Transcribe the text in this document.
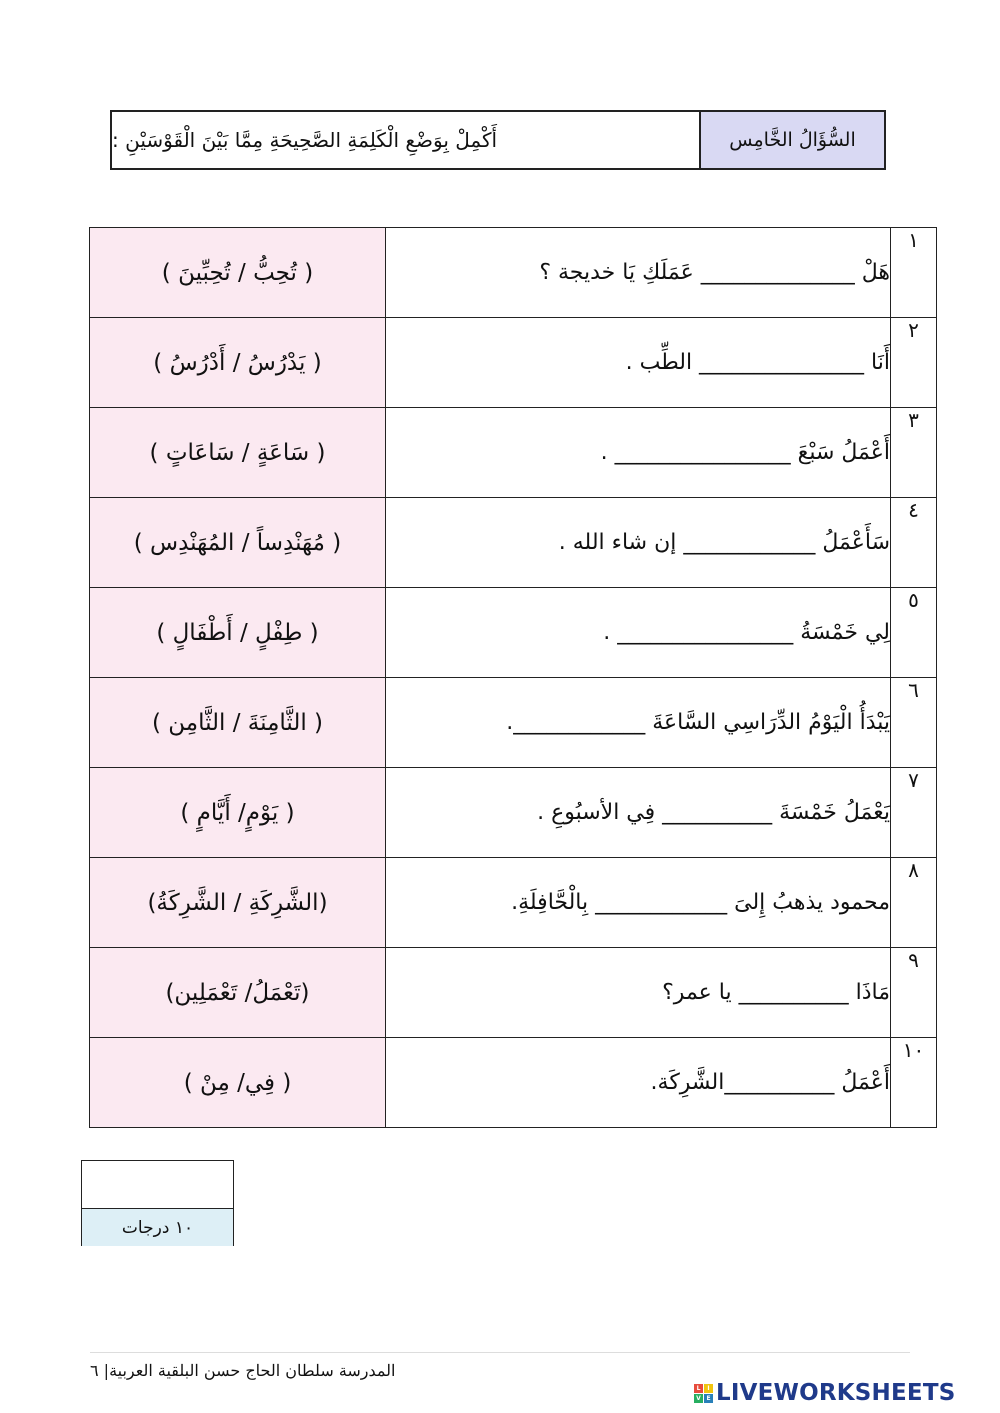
أَكْمِلْ بِوَضْعِ الْكَلِمَةِ الصَّحِيحَةِ مِمَّا بَيْنَ الْقَوْسَيْنِ :	السُّؤَالُ الخَّامِس
( تُحِبُّ / تُحِبِّينَ )	هَلْ ______________ عَمَلَكِ يَا خديجة ؟	١
( يَدْرُسُ / أَدْرُسُ )	أَنَا _______________ الطِّب .	٢
( سَاعَةٍ / سَاعَاتٍ )	أَعْمَلُ سَبْعَ ________________ .	٣
( مُهَنْدِساً / المُهَنْدِس )	سَأَعْمَلُ ____________ إن شاء الله .	٤
( طِفْلٍ / أَطْفَالٍ )	لِي خَمْسَةُ ________________ .	٥
( الثَّامِنَةَ / الثَّامِن )	يَبْدَأُ الْيَوْمُ الدِّرَاسِي السَّاعَةَ ____________.	٦
( يَوْمٍ/ أَيَّامٍ )	يَعْمَلُ خَمْسَةَ __________ فِي الأسبُوعِ .	٧
(الشَّرِكَةِ / الشَّرِكَةُ)	محمود يذهبُ إِلىَ ____________ بِالْحَّافِلَةِ.	٨
(تَعْمَلُ/ تَعْمَلِين)	مَاذَا __________ يا عمر؟	٩
( فِي/ مِنْ )	أَعْمَلُ __________الشَّرِكَة.	١٠
١٠ درجات
المدرسة سلطان الحاج حسن البلقية العربية| ٦
L	I
V E LIVEWORKSHEETS
